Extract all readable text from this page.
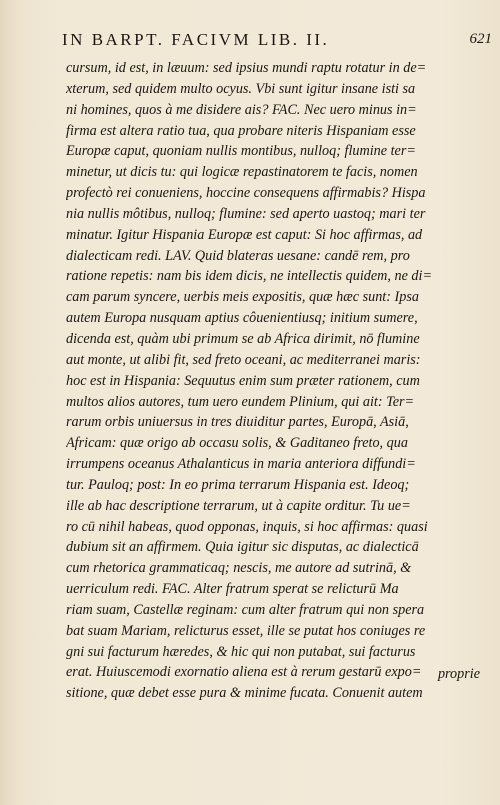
IN BARPT. FACIVM LIB. II.	621
cursum, id est, in læuum: sed ipsius mundi raptu rotatur in de=
xterum, sed quidem multo ocyus. Vbi sunt igitur insane isti sa
ni homines, quos à me disidere ais? FAC. Nec uero minus in=
firma est altera ratio tua, qua probare niteris Hispaniam esse
Europæ caput, quoniam nullis montibus, nulloq; flumine ter=
minetur, ut dicis tu: qui logicæ repastinatorem te facis, nomen
profectò rei conueniens, hoccine consequens affirmabis? Hispa
nia nullis môtibus, nulloq; flumine: sed aperto uastoq; mari ter
minatur. Igitur Hispania Europæ est caput: Si hoc affirmas, ad
dialecticam redi. LAV. Quid blateras uesane: candē rem, pro
ratione repetis: nam bis idem dicis, ne intellectis quidem, ne di=
cam parum syncere, uerbis meis expositis, quæ hæc sunt: Ipsa
autem Europa nusquam aptius côuenientiusq; initium sumere,
dicenda est, quàm ubi primum se ab Africa dirimit, nō flumine
aut monte, ut alibi fit, sed freto oceani, ac mediterranei maris:
hoc est in Hispania: Sequutus enim sum præter rationem, cum
multos alios autores, tum uero eundem Plinium, qui ait: Ter=
rarum orbis uniuersus in tres diuiditur partes, Europā, Asiā,
Africam: quæ origo ab occasu solis, & Gaditaneo freto, qua
irrumpens oceanus Athalanticus in maria anteriora diffundi=
tur. Pauloq; post: In eo prima terrarum Hispania est. Ideoq;
ille ab hac descriptione terrarum, ut à capite orditur. Tu ue=
ro cū nihil habeas, quod opponas, inquis, si hoc affirmas: quasi
dubium sit an affirmem. Quia igitur sic disputas, ac dialecticā
cum rhetorica grammaticaq; nescis, me autore ad sutrinā, &
uerriculum redi. FAC. Alter fratrum sperat se relicturū Ma
riam suam, Castellæ reginam: cum alter fratrum qui non spera
bat suam Mariam, relicturus esset, ille se putat hos coniuges re
gni sui facturum hæredes, & hic qui non putabat, sui facturus
erat. Huiuscemodi exornatio aliena est à rerum gestarū expo=
sitione, quæ debet esse pura & minime fucata. Conuenit autem
proprie
